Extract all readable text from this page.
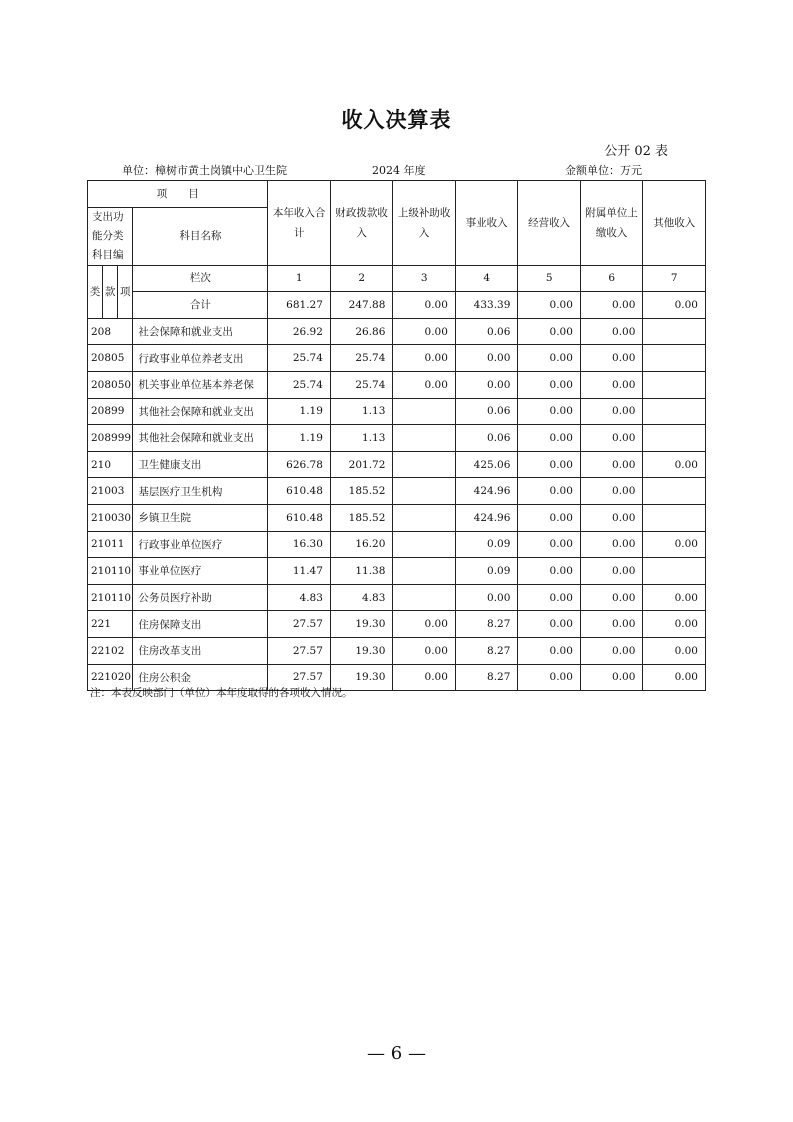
收入决算表
公开 02 表
单位：樟树市黄土岗镇中心卫生院	2024 年度	金额单位：万元
项　　目				本年收入合计	财政拨款收入	上级补助收入	事业收入	经营收入	附属单位上缴收入	其他收入
支出功能分类科目编			科目名称							

类	款	项	栏次	1	2	3	4	5	6	7
			合计	681.27	247.88	0.00	433.39	0.00	0.00	0.00
208			社会保障和就业支出	26.92	26.86	0.00	0.06	0.00	0.00	
20805			行政事业单位养老支出	25.74	25.74	0.00	0.00	0.00	0.00	
208050			机关事业单位基本养老保	25.74	25.74	0.00	0.00	0.00	0.00	
20899			其他社会保障和就业支出	1.19	1.13		0.06	0.00	0.00	
208999			其他社会保障和就业支出	1.19	1.13		0.06	0.00	0.00	
210			卫生健康支出	626.78	201.72		425.06	0.00	0.00	0.00
21003			基层医疗卫生机构	610.48	185.52		424.96	0.00	0.00	
210030			乡镇卫生院	610.48	185.52		424.96	0.00	0.00	
21011			行政事业单位医疗	16.30	16.20		0.09	0.00	0.00	0.00
210110			事业单位医疗	11.47	11.38		0.09	0.00	0.00	
210110			公务员医疗补助	4.83	4.83		0.00	0.00	0.00	0.00
221			住房保障支出	27.57	19.30	0.00	8.27	0.00	0.00	0.00
22102			住房改革支出	27.57	19.30	0.00	8.27	0.00	0.00	0.00
221020			住房公积金	27.57	19.30	0.00	8.27	0.00	0.00	0.00
注：本表反映部门（单位）本年度取得的各项收入情况。
— 6 —
